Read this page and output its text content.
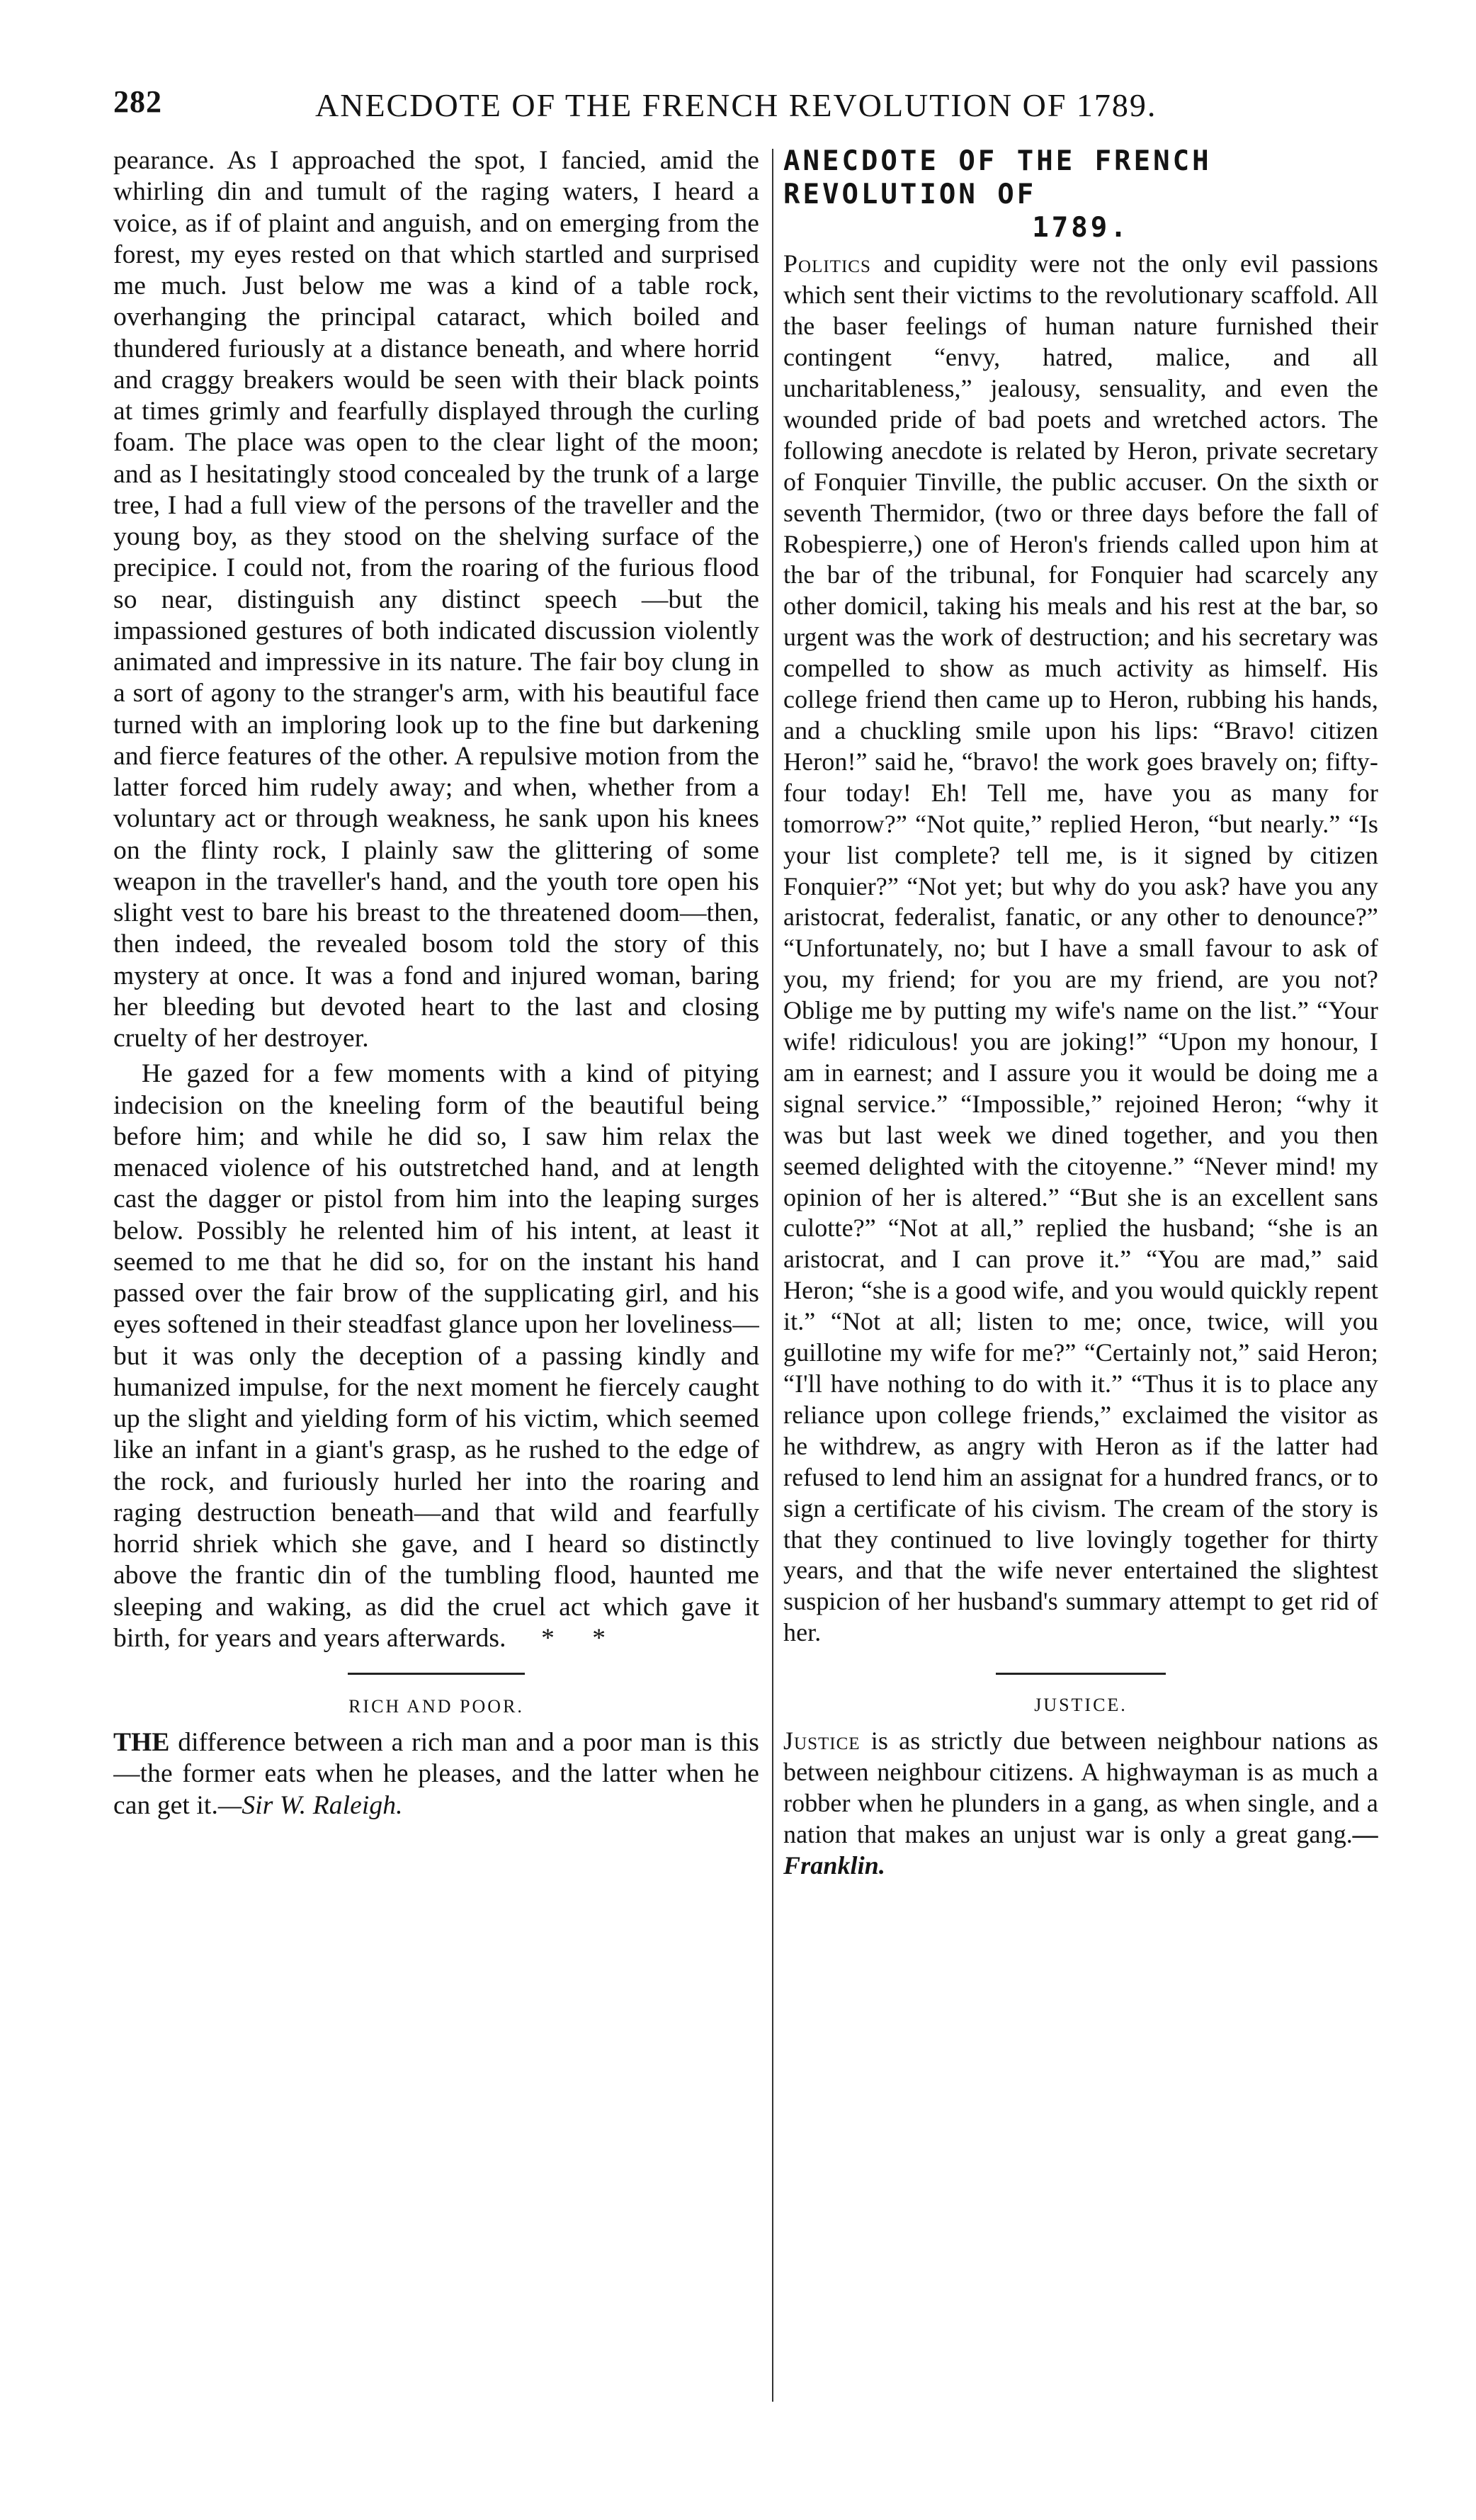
282	ANECDOTE OF THE FRENCH REVOLUTION OF 1789.

pearance. As I approached the spot, I fancied, amid the whirling din and tumult of the raging waters, I heard a voice, as if of plaint and anguish, and on emerging from the forest, my eyes rested on that which startled and surprised me much. Just below me was a kind of a table rock, overhanging the principal cataract, which boiled and thundered furiously at a distance beneath, and where horrid and craggy breakers would be seen with their black points at times grimly and fearfully displayed through the curling foam. The place was open to the clear light of the moon; and as I hesitatingly stood concealed by the trunk of a large tree, I had a full view of the persons of the traveller and the young boy, as they stood on the shelving surface of the precipice. I could not, from the roaring of the furious flood so near, distinguish any distinct speech —but the impassioned gestures of both indicated discussion violently animated and impressive in its nature. The fair boy clung in a sort of agony to the stranger's arm, with his beautiful face turned with an imploring look up to the fine but darkening and fierce features of the other. A repulsive motion from the latter forced him rudely away; and when, whether from a voluntary act or through weakness, he sank upon his knees on the flinty rock, I plainly saw the glittering of some weapon in the traveller's hand, and the youth tore open his slight vest to bare his breast to the threatened doom—then, then indeed, the revealed bosom told the story of this mystery at once. It was a fond and injured woman, baring her bleeding but devoted heart to the last and closing cruelty of her destroyer.

He gazed for a few moments with a kind of pitying indecision on the kneeling form of the beautiful being before him; and while he did so, I saw him relax the menaced violence of his outstretched hand, and at length cast the dagger or pistol from him into the leaping surges below. Possibly he relented him of his intent, at least it seemed to me that he did so, for on the instant his hand passed over the fair brow of the supplicating girl, and his eyes softened in their steadfast glance upon her loveliness—but it was only the deception of a passing kindly and humanized impulse, for the next moment he fiercely caught up the slight and yielding form of his victim, which seemed like an infant in a giant's grasp, as he rushed to the edge of the rock, and furiously hurled her into the roaring and raging destruction beneath—and that wild and fearfully horrid shriek which she gave, and I heard so distinctly above the frantic din of the tumbling flood, haunted me sleeping and waking, as did the cruel act which gave it birth, for years and years afterwards. * *

RICH AND POOR.

THE difference between a rich man and a poor man is this—the former eats when he pleases, and the latter when he can get it.—Sir W. Raleigh.

ANECDOTE OF THE FRENCH REVOLUTION OF
1789.

Politics and cupidity were not the only evil passions which sent their victims to the revolutionary scaffold. All the baser feelings of human nature furnished their contingent “envy, hatred, malice, and all uncharitableness,” jealousy, sensuality, and even the wounded pride of bad poets and wretched actors. The following anecdote is related by Heron, private secretary of Fonquier Tinville, the public accuser. On the sixth or seventh Thermidor, (two or three days before the fall of Robespierre,) one of Heron's friends called upon him at the bar of the tribunal, for Fonquier had scarcely any other domicil, taking his meals and his rest at the bar, so urgent was the work of destruction; and his secretary was compelled to show as much activity as himself. His college friend then came up to Heron, rubbing his hands, and a chuckling smile upon his lips: “Bravo! citizen Heron!” said he, “bravo! the work goes bravely on; fifty-four today! Eh! Tell me, have you as many for tomorrow?” “Not quite,” replied Heron, “but nearly.” “Is your list complete? tell me, is it signed by citizen Fonquier?” “Not yet; but why do you ask? have you any aristocrat, federalist, fanatic, or any other to denounce?” “Unfortunately, no; but I have a small favour to ask of you, my friend; for you are my friend, are you not? Oblige me by putting my wife's name on the list.” “Your wife! ridiculous! you are joking!” “Upon my honour, I am in earnest; and I assure you it would be doing me a signal service.” “Impossible,” rejoined Heron; “why it was but last week we dined together, and you then seemed delighted with the citoyenne.” “Never mind! my opinion of her is altered.” “But she is an excellent sans culotte?” “Not at all,” replied the husband; “she is an aristocrat, and I can prove it.” “You are mad,” said Heron; “she is a good wife, and you would quickly repent it.” “Not at all; listen to me; once, twice, will you guillotine my wife for me?” “Certainly not,” said Heron; “I'll have nothing to do with it.” “Thus it is to place any reliance upon college friends,” exclaimed the visitor as he withdrew, as angry with Heron as if the latter had refused to lend him an assignat for a hundred francs, or to sign a certificate of his civism. The cream of the story is that they continued to live lovingly together for thirty years, and that the wife never entertained the slightest suspicion of her husband's summary attempt to get rid of her.

JUSTICE.

Justice is as strictly due between neighbour nations as between neighbour citizens. A highwayman is as much a robber when he plunders in a gang, as when single, and a nation that makes an unjust war is only a great gang.—Franklin.
